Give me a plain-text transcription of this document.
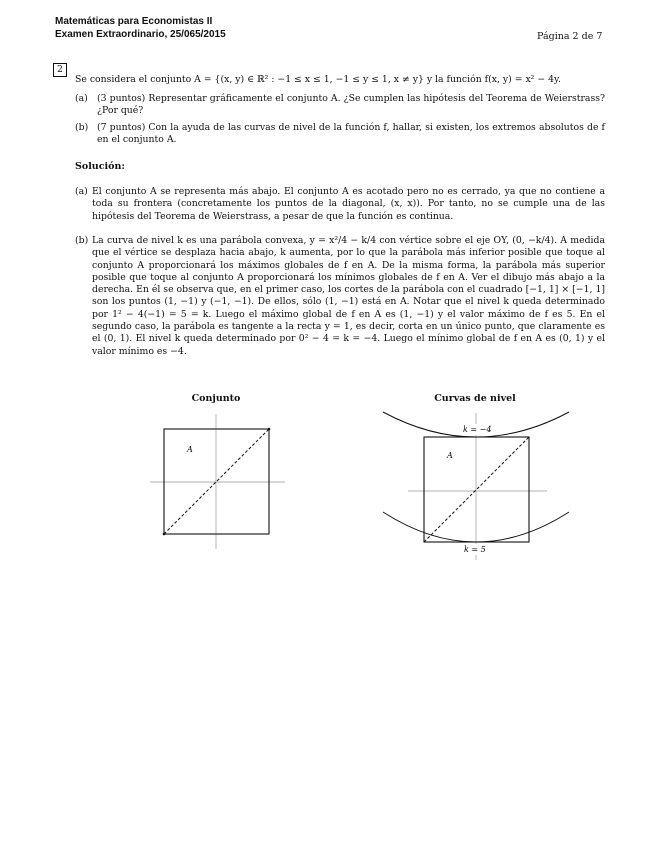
Matemáticas para Economistas II
Examen Extraordinario, 25/065/2015	Página 2 de 7
2
Se considera el conjunto A = {(x, y) ∈ ℝ² : −1 ≤ x ≤ 1, −1 ≤ y ≤ 1, x ≠ y} y la función f(x, y) = x² − 4y.
(a) (3 puntos) Representar gráficamente el conjunto A. ¿Se cumplen las hipótesis del Teorema de Weierstrass? ¿Por qué?
(b) (7 puntos) Con la ayuda de las curvas de nivel de la función f, hallar, si existen, los extremos absolutos de f en el conjunto A.
Solución:
(a) El conjunto A se representa más abajo. El conjunto A es acotado pero no es cerrado, ya que no contiene a toda su frontera (concretamente los puntos de la diagonal, (x, x)). Por tanto, no se cumple una de las hipótesis del Teorema de Weierstrass, a pesar de que la función es continua.
(b) La curva de nivel k es una parábola convexa, y = x²/4 − k/4 con vértice sobre el eje OY, (0, −k/4). A medida que el vértice se desplaza hacia abajo, k aumenta, por lo que la parábola más inferior posible que toque al conjunto A proporcionará los máximos globales de f en A. De la misma forma, la parábola más superior posible que toque al conjunto A proporcionará los mínimos globales de f en A. Ver el dibujo más abajo a la derecha. En él se observa que, en el primer caso, los cortes de la parábola con el cuadrado [−1, 1] × [−1, 1] son los puntos (1, −1) y (−1, −1). De ellos, sólo (1, −1) está en A. Notar que el nivel k queda determinado por 1² − 4(−1) = 5 = k. Luego el máximo global de f en A es (1, −1) y el valor máximo de f es 5. En el segundo caso, la parábola es tangente a la recta y = 1, es decir, corta en un único punto, que claramente es el (0, 1). El nivel k queda determinado por 0² − 4 = k = −4. Luego el mínimo global de f en A es (0, 1) y el valor mínimo es −4.
Conjunto
A
Curvas de nivel
A
k = −4
k = 5
